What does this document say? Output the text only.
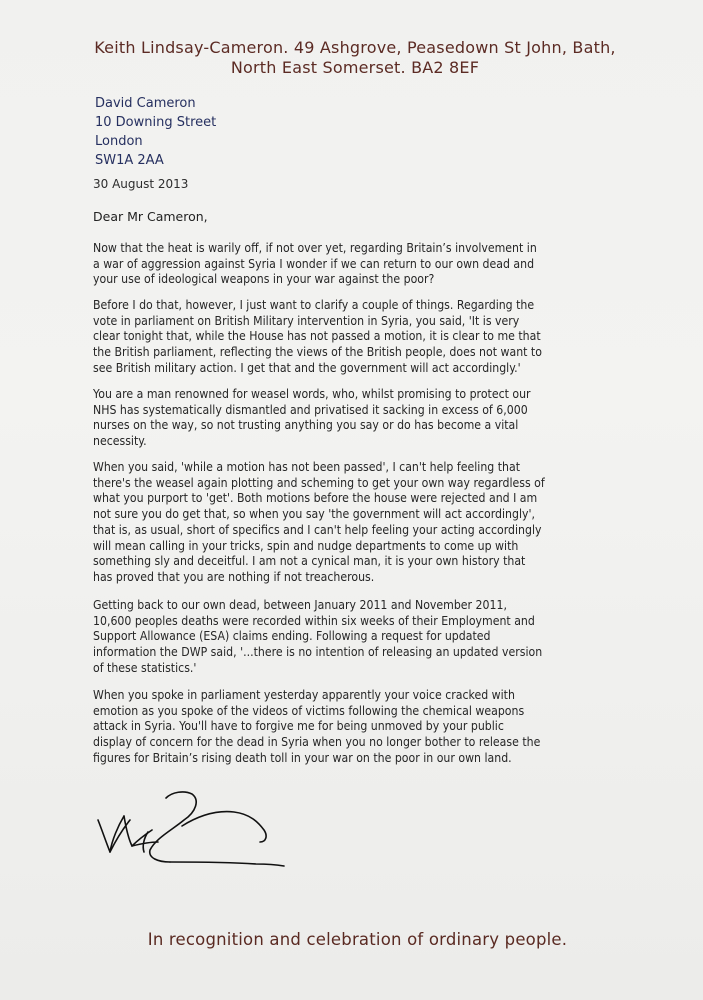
Keith Lindsay-Cameron. 49 Ashgrove, Peasedown St John, Bath,
North East Somerset. BA2 8EF
David Cameron
10 Downing Street
London
SW1A 2AA
30 August 2013
Dear Mr Cameron,
Now that the heat is warily off, if not over yet, regarding Britain’s involvement in
a war of aggression against Syria I wonder if we can return to our own dead and
your use of ideological weapons in your war against the poor?
Before I do that, however, I just want to clarify a couple of things. Regarding the
vote in parliament on British Military intervention in Syria, you said, 'It is very
clear tonight that, while the House has not passed a motion, it is clear to me that
the British parliament, reflecting the views of the British people, does not want to
see British military action. I get that and the government will act accordingly.'
You are a man renowned for weasel words, who, whilst promising to protect our
NHS has systematically dismantled and privatised it sacking in excess of 6,000
nurses on the way, so not trusting anything you say or do has become a vital
necessity.
When you said, 'while a motion has not been passed', I can't help feeling that
there's the weasel again plotting and scheming to get your own way regardless of
what you purport to 'get'. Both motions before the house were rejected and I am
not sure you do get that, so when you say 'the government will act accordingly',
that is, as usual, short of specifics and I can't help feeling your acting accordingly
will mean calling in your tricks, spin and nudge departments to come up with
something sly and deceitful. I am not a cynical man, it is your own history that
has proved that you are nothing if not treacherous.
Getting back to our own dead, between January 2011 and November 2011,
10,600 peoples deaths were recorded within six weeks of their Employment and
Support Allowance (ESA) claims ending. Following a request for updated
information the DWP said, '...there is no intention of releasing an updated version
of these statistics.'
When you spoke in parliament yesterday apparently your voice cracked with
emotion as you spoke of the videos of victims following the chemical weapons
attack in Syria. You'll have to forgive me for being unmoved by your public
display of concern for the dead in Syria when you no longer bother to release the
figures for Britain’s rising death toll in your war on the poor in our own land.
In recognition and celebration of ordinary people.
